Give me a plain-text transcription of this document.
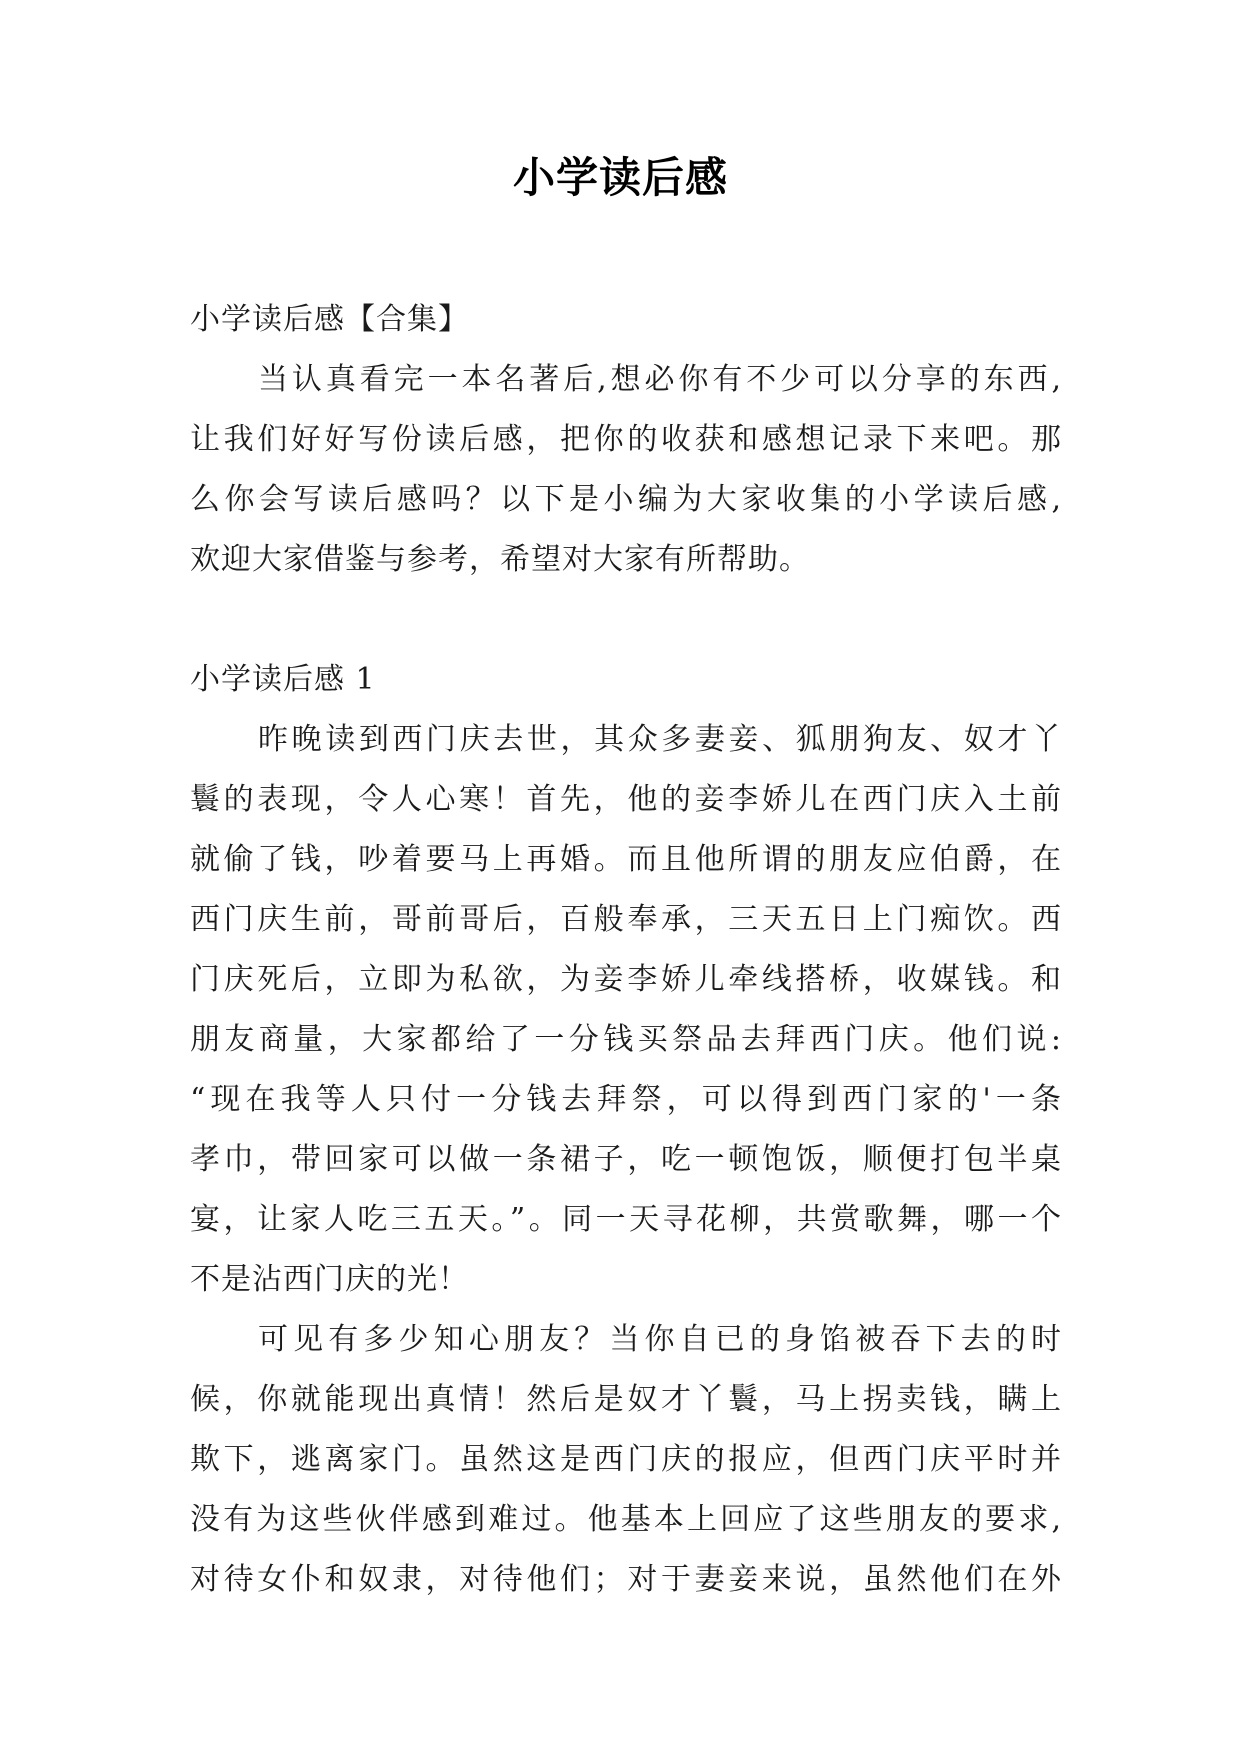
小学读后感
小学读后感【合集】
当认真看完一本名著后,想必你有不少可以分享的东西,
让我们好好写份读后感，把你的收获和感想记录下来吧。那
么你会写读后感吗？以下是小编为大家收集的小学读后感,
欢迎大家借鉴与参考，希望对大家有所帮助。
小学读后感 1
昨晚读到西门庆去世，其众多妻妾、狐朋狗友、奴才丫
鬟的表现，令人心寒！首先，他的妾李娇儿在西门庆入土前
就偷了钱，吵着要马上再婚。而且他所谓的朋友应伯爵，在
西门庆生前，哥前哥后，百般奉承，三天五日上门痴饮。西
门庆死后，立即为私欲，为妾李娇儿牵线搭桥，收媒钱。和
朋友商量，大家都给了一分钱买祭品去拜西门庆。他们说:
“现在我等人只付一分钱去拜祭，可以得到西门家的'一条
孝巾，带回家可以做一条裙子，吃一顿饱饭，顺便打包半桌
宴，让家人吃三五天。”。同一天寻花柳，共赏歌舞，哪一个
不是沾西门庆的光！
可见有多少知心朋友？当你自已的身馅被吞下去的时
候，你就能现出真情！然后是奴才丫鬟，马上拐卖钱，瞒上
欺下，逃离家门。虽然这是西门庆的报应，但西门庆平时并
没有为这些伙伴感到难过。他基本上回应了这些朋友的要求,
对待女仆和奴隶，对待他们；对于妻妾来说，虽然他们在外
